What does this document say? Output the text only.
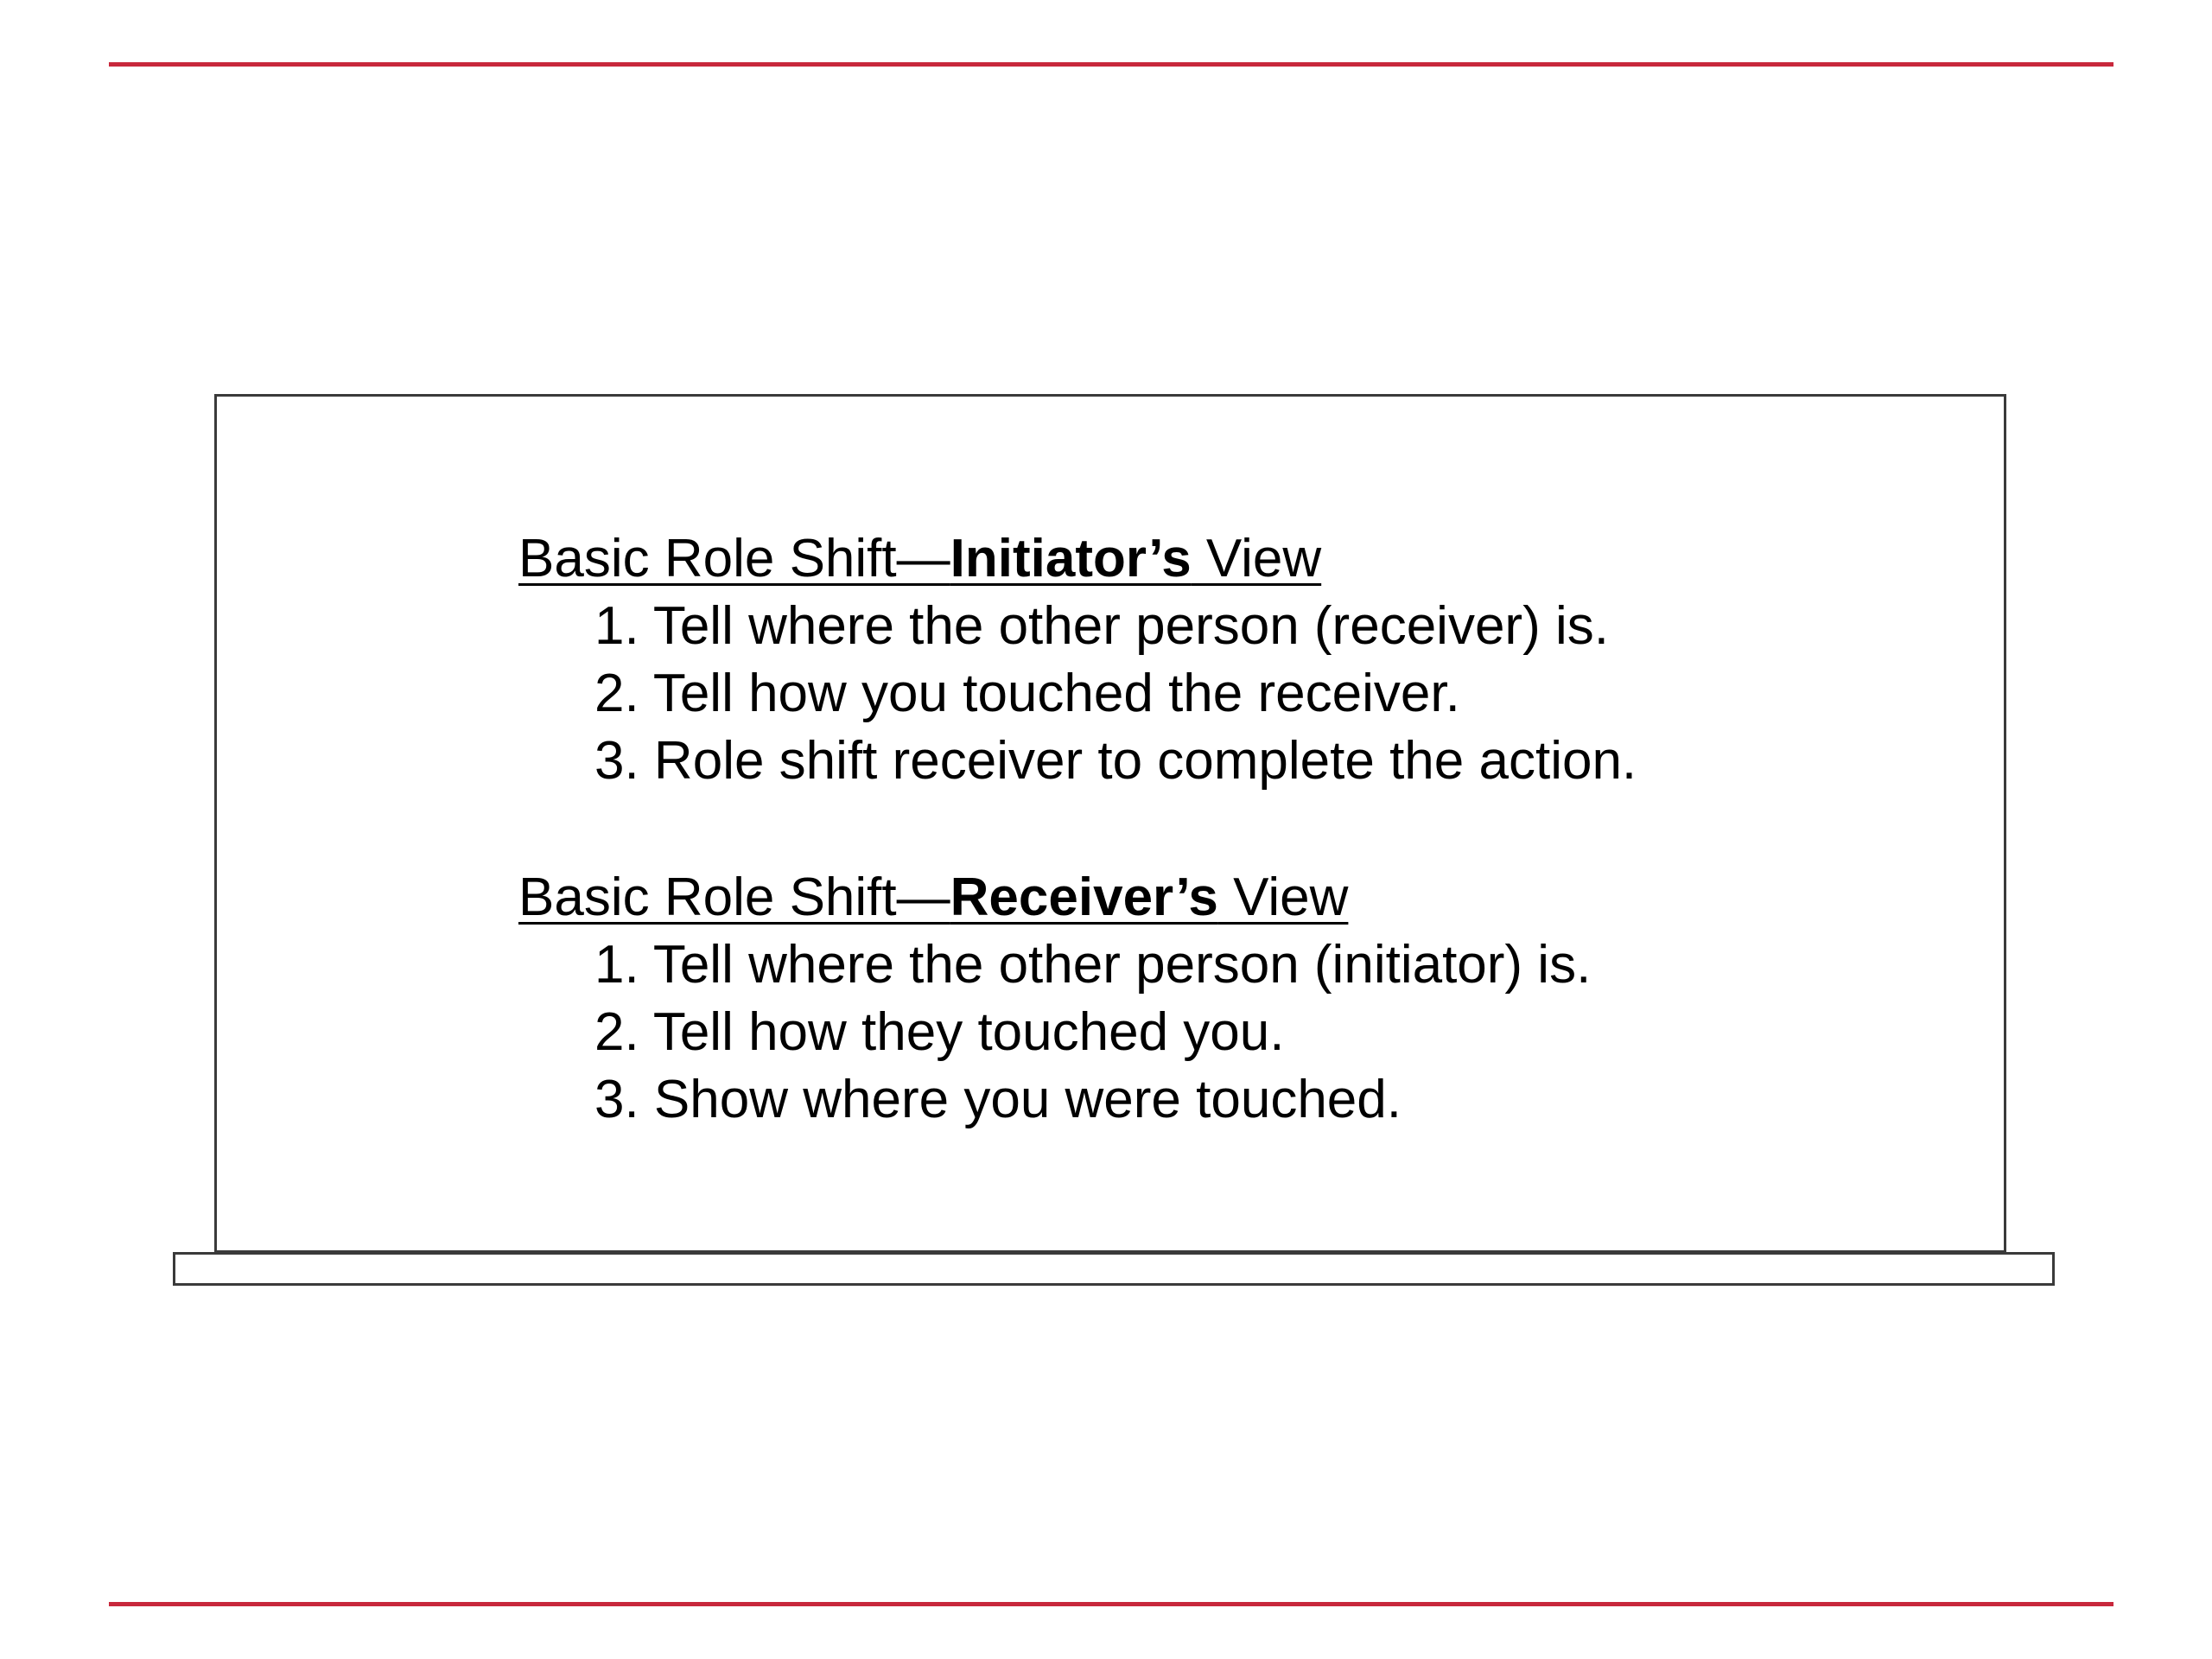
Basic Role Shift—Initiator’s View
1. Tell where the other person (receiver) is.
2. Tell how you touched the receiver.
3. Role shift receiver to complete the action.
Basic Role Shift—Receiver’s View
1. Tell where the other person (initiator) is.
2. Tell how they touched you.
3. Show where you were touched.
